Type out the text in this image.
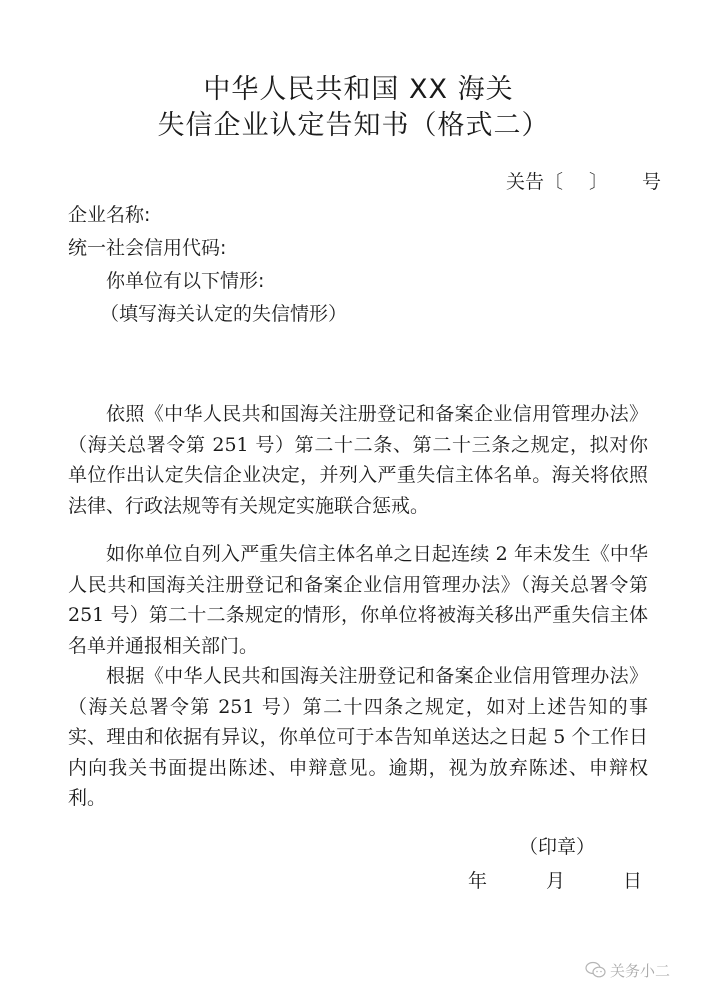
中华人民共和国 XX 海关
失信企业认定告知书（格式二）
关告〔 〕 号
企业名称:
统一社会信用代码:
你单位有以下情形:
（填写海关认定的失信情形）
依照《中华人民共和国海关注册登记和备案企业信用管理办法》（海关总署令第 251 号）第二十二条、第二十三条之规定，拟对你单位作出认定失信企业决定，并列入严重失信主体名单。海关将依照法律、行政法规等有关规定实施联合惩戒。
如你单位自列入严重失信主体名单之日起连续 2 年未发生《中华人民共和国海关注册登记和备案企业信用管理办法》（海关总署令第 251 号）第二十二条规定的情形，你单位将被海关移出严重失信主体名单并通报相关部门。
根据《中华人民共和国海关注册登记和备案企业信用管理办法》（海关总署令第 251 号）第二十四条之规定，如对上述告知的事实、理由和依据有异议，你单位可于本告知单送达之日起 5 个工作日内向我关书面提出陈述、申辩意见。逾期，视为放弃陈述、申辩权利。
（印章）
年	月	日
关务小二
